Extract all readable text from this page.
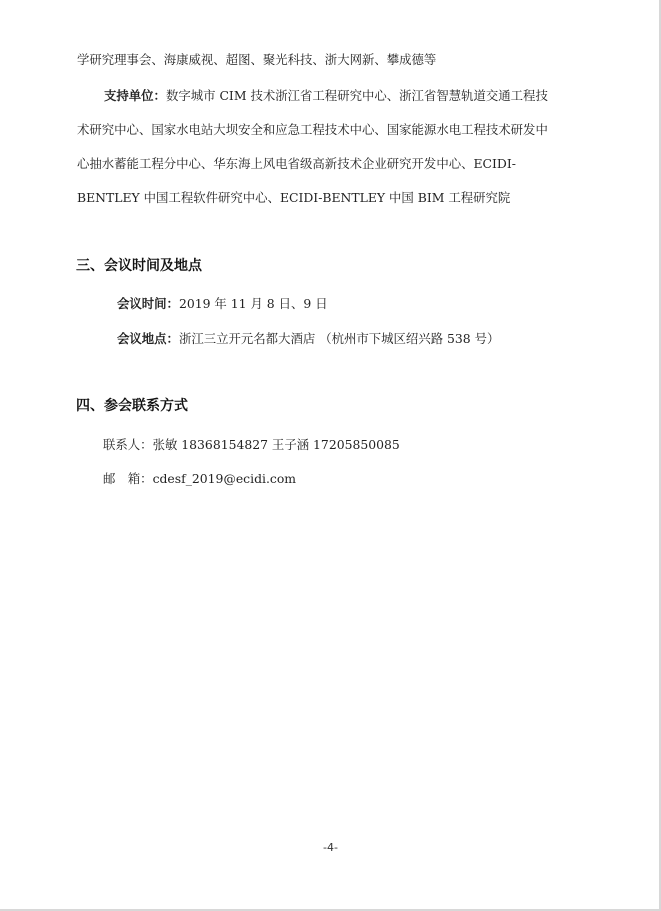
学研究理事会、海康威视、超图、聚光科技、浙大网新、攀成德等
支持单位：数字城市 CIM 技术浙江省工程研究中心、浙江省智慧轨道交通工程技
术研究中心、国家水电站大坝安全和应急工程技术中心、国家能源水电工程技术研发中
心抽水蓄能工程分中心、华东海上风电省级高新技术企业研究开发中心、ECIDI-
BENTLEY 中国工程软件研究中心、ECIDI-BENTLEY 中国 BIM 工程研究院
三、会议时间及地点
会议时间：2019 年 11 月 8 日、9 日
会议地点：浙江三立开元名都大酒店 （杭州市下城区绍兴路 538 号）
四、参会联系方式
联系人：张敏 18368154827 王子涵 17205850085
邮　箱：cdesf_2019@ecidi.com
-4-
